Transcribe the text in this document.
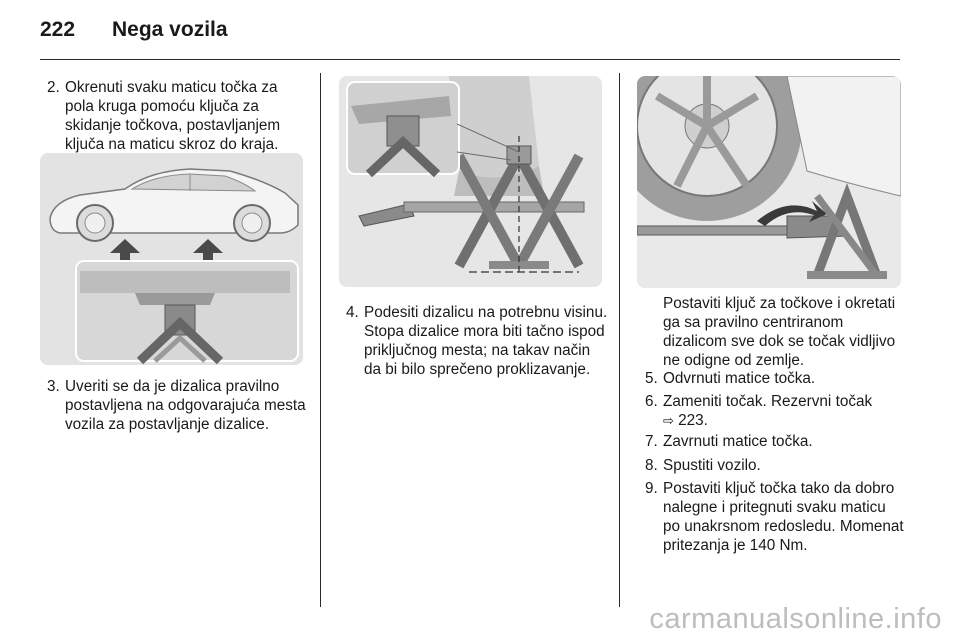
222	Nega vozila
2. Okrenuti svaku maticu točka za pola kruga pomoću ključa za skidanje točkova, postavljanjem ključa na maticu skroz do kraja.
3. Uveriti se da je dizalica pravilno postavljena na odgovarajuća mesta vozila za postavljanje dizalice.
4. Podesiti dizalicu na potrebnu visinu. Stopa dizalice mora biti tačno ispod priključnog mesta; na takav način da bi bilo sprečeno proklizavanje.
Postaviti ključ za točkove i okretati ga sa pravilno centriranom dizalicom sve dok se točak vidljivo ne odigne od zemlje.
5. Odvrnuti matice točka.
6. Zameniti točak. Rezervni točak
⇨ 223.
7. Zavrnuti matice točka.
8. Spustiti vozilo.
9. Postaviti ključ točka tako da dobro nalegne i pritegnuti svaku maticu po unakrsnom redosledu. Momenat pritezanja je 140 Nm.
carmanualsonline.info
